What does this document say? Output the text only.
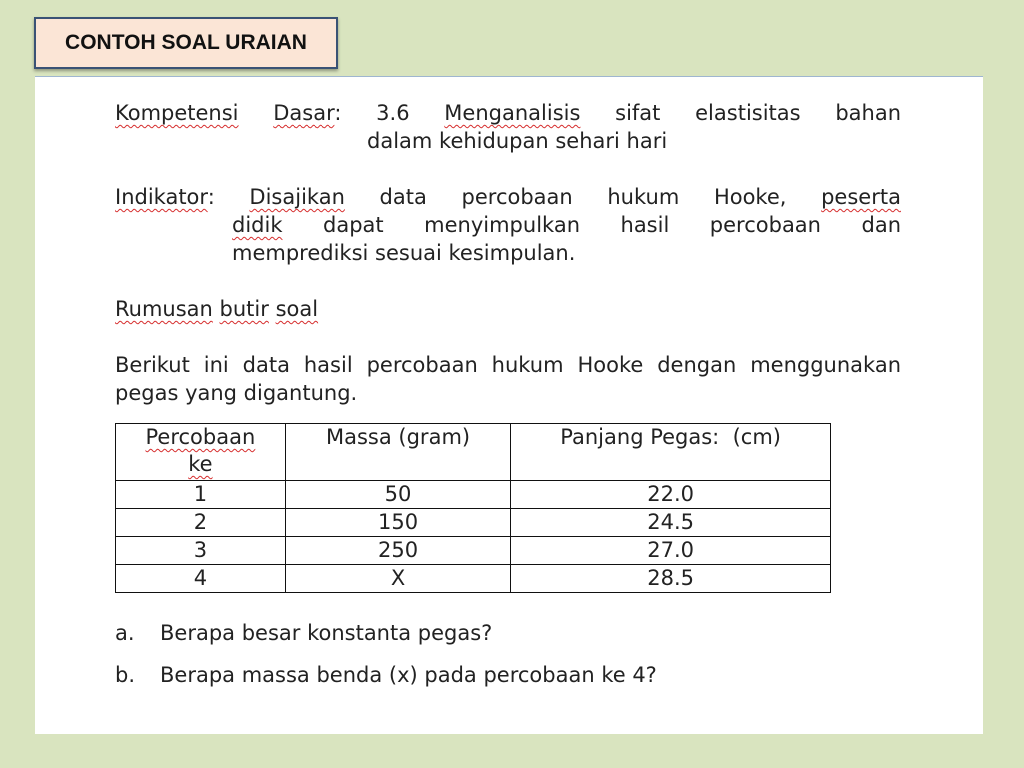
CONTOH SOAL URAIAN
Kompetensi Dasar: 3.6 Menganalisis sifat elastisitas bahan

dalam kehidupan sehari hari

Indikator: Disajikan data percobaan hukum Hooke, peserta

didik dapat menyimpulkan hasil percobaan dan

memprediksi sesuai kesimpulan.

Rumusan butir soal

Berikut ini data hasil percobaan hukum Hooke dengan menggunakan pegas yang digantung.

Percobaan
ke	Massa (gram)	Panjang Pegas:  (cm)
1	50	22.0
2	150	24.5
3	250	27.0
4	X	28.5
a.	Berapa besar konstanta pegas?
b.	Berapa massa benda (x) pada percobaan ke 4?
